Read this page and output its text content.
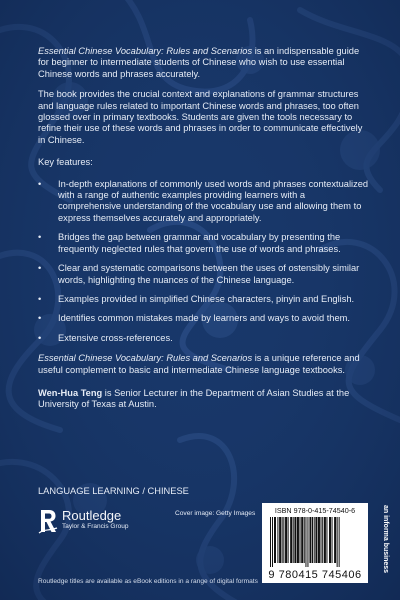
Essential Chinese Vocabulary: Rules and Scenarios is an indispensable guide for beginner to intermediate students of Chinese who wish to use essential Chinese words and phrases accurately.

The book provides the crucial context and explanations of grammar structures and language rules related to important Chinese words and phrases, too often glossed over in primary textbooks. Students are given the tools necessary to refine their use of these words and phrases in order to communicate effectively in Chinese.

Key features:

• In-depth explanations of commonly used words and phrases contextualized with a range of authentic examples providing learners with a comprehensive understanding of the vocabulary use and allowing them to express themselves accurately and appropriately.
• Bridges the gap between grammar and vocabulary by presenting the frequently neglected rules that govern the use of words and phrases.
• Clear and systematic comparisons between the uses of ostensibly similar words, highlighting the nuances of the Chinese language.
• Examples provided in simplified Chinese characters, pinyin and English.
• Identifies common mistakes made by learners and ways to avoid them.
• Extensive cross-references.

Essential Chinese Vocabulary: Rules and Scenarios is a unique reference and useful complement to basic and intermediate Chinese language textbooks.

Wen-Hua Teng is Senior Lecturer in the Department of Asian Studies at the University of Texas at Austin.

LANGUAGE LEARNING / CHINESE
Routledge
Taylor & Francis Group
Cover image: Getty Images	ISBN 978-0-415-74540-6
9 780415 745406
an informa business
Routledge titles are available as eBook editions in a range of digital formats
